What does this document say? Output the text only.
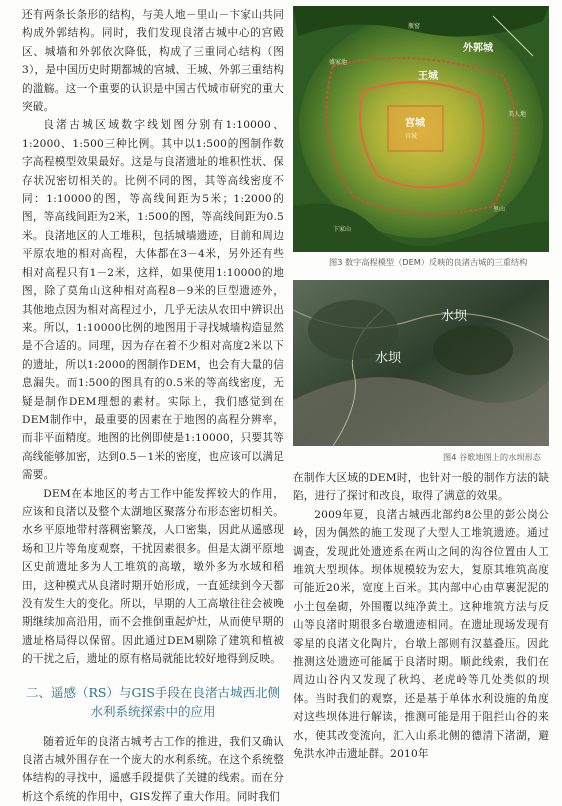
还有两条长条形的结构，与美人地－里山－卞家山共同构成外郭结构。同时，我们发现良渚古城中心的宫殿区、城墙和外郭依次降低，构成了三重同心结构（图3），是中国历史时期都城的宫城、王城、外郭三重结构的滥觞。这一个重要的认识是中国古代城市研究的重大突破。

良渚古城区域数字线划图分别有1:10000、1:2000、1:500三种比例。其中以1:500的图制作数字高程模型效果最好。这是与良渚遗址的堆积性状、保存状况密切相关的。比例不同的图，其等高线密度不同：1:10000的图，等高线间距为5米；1:2000的图，等高线间距为2米，1:500的图，等高线间距为0.5米。良渚地区的人工堆积，包括城墙遗迹，目前和周边平原农地的相对高程，大体都在3－4米，另外还有些相对高程只有1－2米，这样，如果使用1:10000的地图，除了莫角山这种相对高程8－9米的巨型遗迹外，其他地点因为相对高程过小，几乎无法从农田中辨识出来。所以，1:10000比例的地图用于寻找城墙构造显然是不合适的。同理，因为存在着不少相对高度2米以下的遗址，所以1:2000的图制作DEM，也会有大量的信息漏失。而1:500的图具有的0.5米的等高线密度，无疑是制作DEM理想的素材。实际上，我们感觉到在DEM制作中，最重要的因素在于地图的高程分辨率，而非平面精度。地图的比例即使是1:10000，只要其等高线能够加密，达到0.5－1米的密度，也应该可以满足需要。

DEM在本地区的考古工作中能发挥较大的作用，应该和良渚以及整个太湖地区聚落分布形态密切相关。水乡平原地带村落稠密繁茂，人口密集，因此从遥感现场和卫片等角度观察，干扰因素很多。但是太湖平原地区史前遗址多为人工堆筑的高墩，墩外多为水域和稻田，这种模式从良渚时期开始形成，一直延续到今天都没有发生大的变化。所以，早期的人工高墩往往会被晚期继续加高沿用，而不会推倒重起炉灶，从而使早期的遗址格局得以保留。因此通过DEM剔除了建筑和植被的干扰之后，遗址的原有格局就能比较好地得到反映。

二、遥感（RS）与GIS手段在良渚古城西北侧
水利系统探索中的应用

随着近年的良渚古城考古工作的推进，我们又确认良渚古城外围存在一个庞大的水利系统。在这个系统整体结构的寻找中，遥感手段提供了关键的线索。而在分析这个系统的作用中，GIS发挥了重大作用。同时我们

外郭城
王城
宫城
瓶窑
盛家池
美人地
宫城
卞家山
里山
图3 数字高程模型（DEM）反映的良渚古城的三重结构
水坝
水坝
图4 谷歌地图上的水坝形态

在制作大区域的DEM时，也针对一般的制作方法的缺陷，进行了探讨和改良，取得了满意的效果。

2009年夏，良渚古城西北部约8公里的彭公岗公岭，因为偶然的施工发现了大型人工堆筑遗迹。通过调查，发现此处遗迹系在两山之间的沟谷位置由人工堆筑大型坝体。坝体规模较为宏大，复原其堆筑高度可能近20米，宽度上百米。其内部中心由草裹泥泥的小土包垒砌，外围覆以纯净黄土。这种堆筑方法与反山等良渚时期很多台墩遗迹相同。在遗址现场发现有零星的良渚文化陶片，台墩上部则有汉墓叠压。因此推测这处遗迹可能属于良渚时期。顺此线索，我们在周边山谷内又发现了秋坞、老虎岭等几处类似的坝体。当时我们的观察，还是基于单体水利设施的角度对这些坝体进行解读，推测可能是用于阻拦山谷的来水，使其改变流向，汇入山系北侧的德清下渚湖，避免洪水冲击遗址群。2010年
